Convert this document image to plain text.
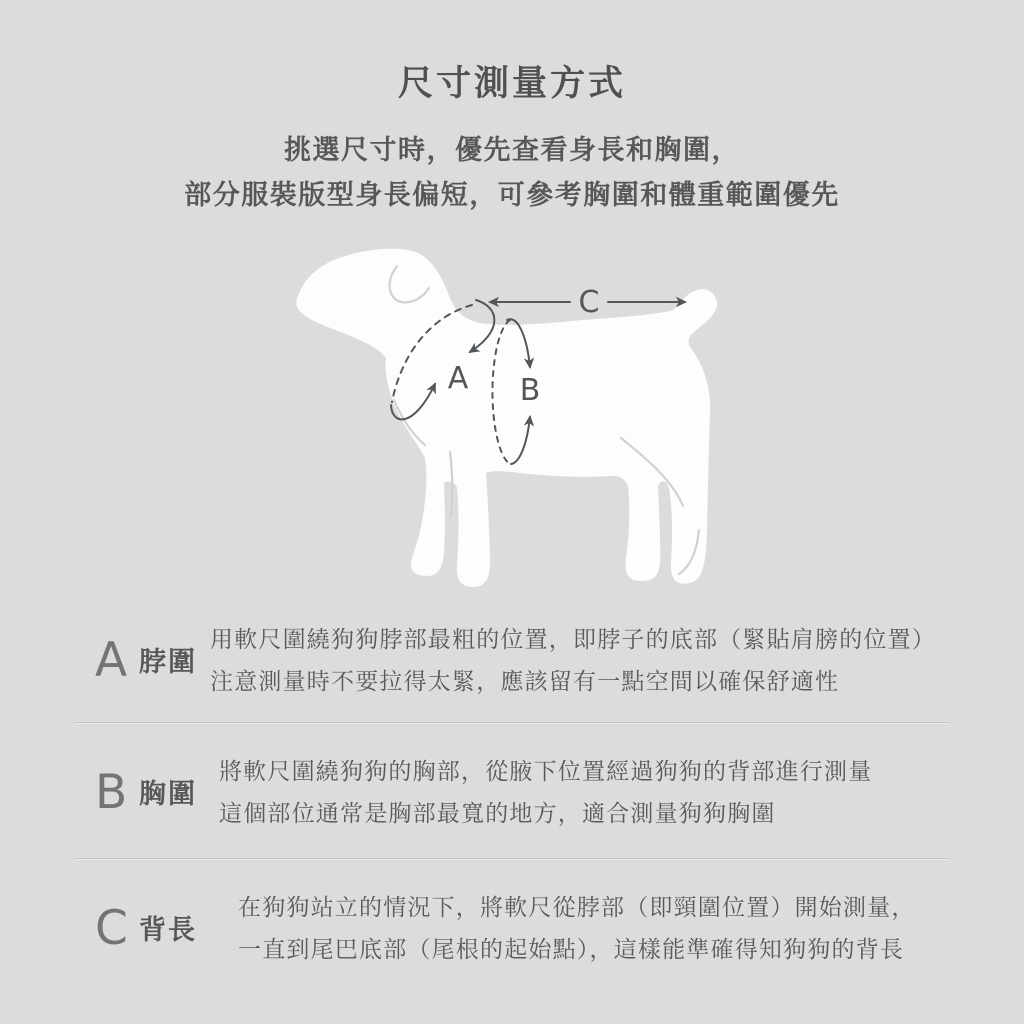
尺寸測量方式
挑選尺寸時，優先查看身長和胸圍，
部分服裝版型身長偏短，可參考胸圍和體重範圍優先
A B
C
A 脖圍
用軟尺圍繞狗狗脖部最粗的位置，即脖子的底部（緊貼肩膀的位置）
注意測量時不要拉得太緊，應該留有一點空間以確保舒適性
B 胸圍
將軟尺圍繞狗狗的胸部，從腋下位置經過狗狗的背部進行測量
這個部位通常是胸部最寬的地方，適合測量狗狗胸圍
C 背長
在狗狗站立的情況下，將軟尺從脖部（即頸圍位置）開始測量，
一直到尾巴底部（尾根的起始點），這樣能準確得知狗狗的背長
